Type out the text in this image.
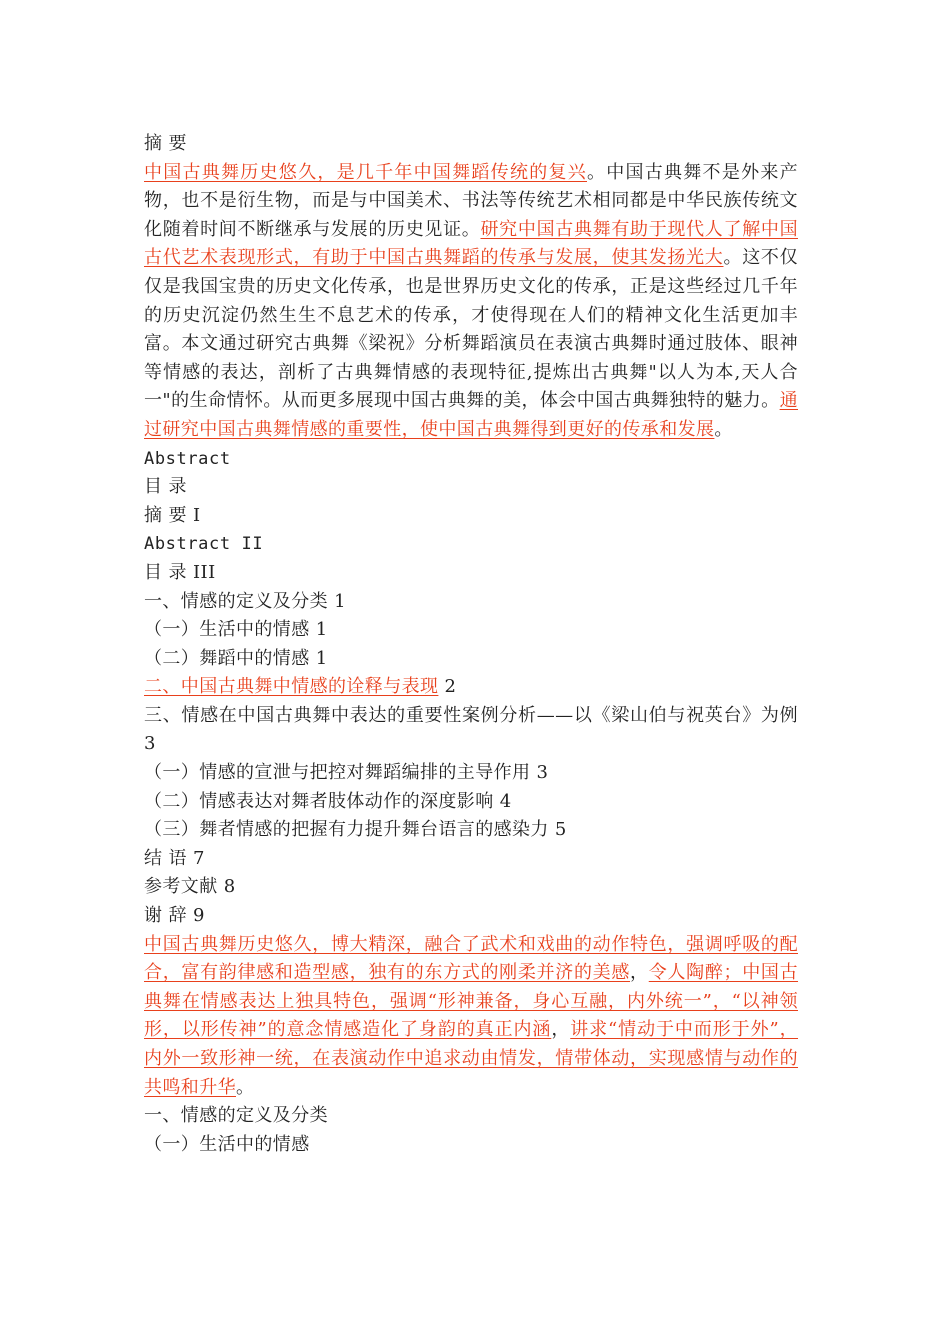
摘 要
中国古典舞历史悠久，是几千年中国舞蹈传统的复兴。中国古典舞不是外来产物，也不是衍生物，而是与中国美术、书法等传统艺术相同都是中华民族传统文化随着时间不断继承与发展的历史见证。研究中国古典舞有助于现代人了解中国古代艺术表现形式，有助于中国古典舞蹈的传承与发展，使其发扬光大。这不仅仅是我国宝贵的历史文化传承，也是世界历史文化的传承，正是这些经过几千年的历史沉淀仍然生生不息艺术的传承，才使得现在人们的精神文化生活更加丰富。本文通过研究古典舞《梁祝》分析舞蹈演员在表演古典舞时通过肢体、眼神等情感的表达，剖析了古典舞情感的表现特征,提炼出古典舞"以人为本,天人合一"的生命情怀。从而更多展现中国古典舞的美，体会中国古典舞独特的魅力。通过研究中国古典舞情感的重要性，使中国古典舞得到更好的传承和发展。
Abstract
目 录
摘 要 I
Abstract II
目 录 III
一、情感的定义及分类 1
（一）生活中的情感 1
（二）舞蹈中的情感 1
二、中国古典舞中情感的诠释与表现 2
三、情感在中国古典舞中表达的重要性案例分析——以《梁山伯与祝英台》为例 3
（一）情感的宣泄与把控对舞蹈编排的主导作用 3
（二）情感表达对舞者肢体动作的深度影响 4
（三）舞者情感的把握有力提升舞台语言的感染力 5
结 语 7
参考文献 8
谢 辞 9
中国古典舞历史悠久，博大精深，融合了武术和戏曲的动作特色，强调呼吸的配合，富有韵律感和造型感，独有的东方式的刚柔并济的美感，令人陶醉；中国古典舞在情感表达上独具特色，强调“形神兼备，身心互融，内外统一”，“以神领形，以形传神”的意念情感造化了身韵的真正内涵，讲求“情动于中而形于外”，内外一致形神一统，在表演动作中追求动由情发，情带体动，实现感情与动作的共鸣和升华。
一、情感的定义及分类
（一）生活中的情感
